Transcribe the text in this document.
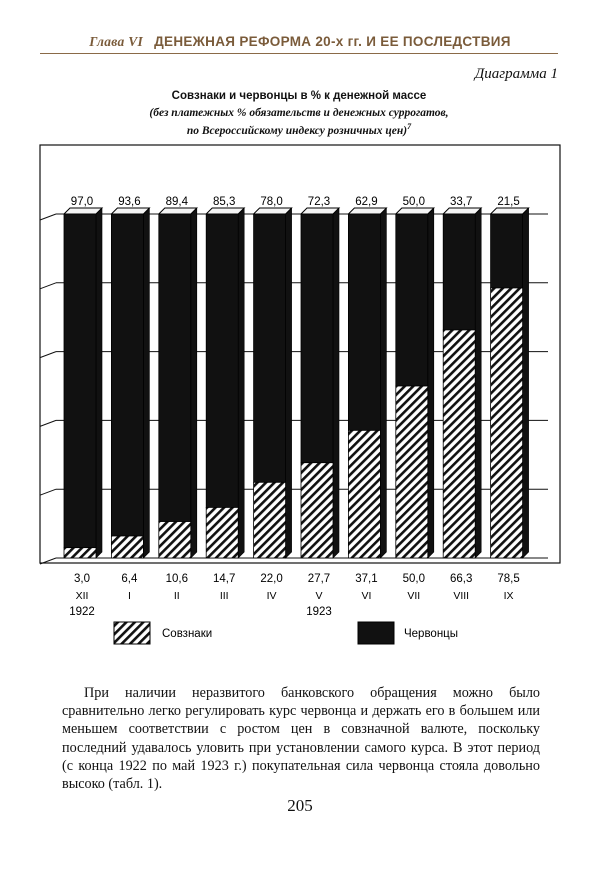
Глава VI ДЕНЕЖНАЯ РЕФОРМА 20-х гг. И ЕЕ ПОСЛЕДСТВИЯ
Диаграмма 1
Совзнаки и червонцы в % к денежной массе
(без платежных % обязательств и денежных суррогатов,
по Всероссийскому индексу розничных цен)$^7$
97,0
3,0
XII
93,6
6,4
I
89,4
10,6
II
85,3
14,7
III
78,0
22,0
IV
72,3
27,7
V
62,9
37,1
VI
50,0
50,0
VII
33,7
66,3
VIII
21,5
78,5
IX
1922	1923
Совзнаки	Червонцы
При наличии неразвитого банковского обращения можно было сравнительно легко регулировать курс червонца и держать его в большем или меньшем соответствии с ростом цен в совзначной валюте, поскольку последний удавалось уловить при установлении самого курса. В этот период (с конца 1922 по май 1923 г.) покупательная сила червонца стояла довольно высоко (табл. 1).
205
